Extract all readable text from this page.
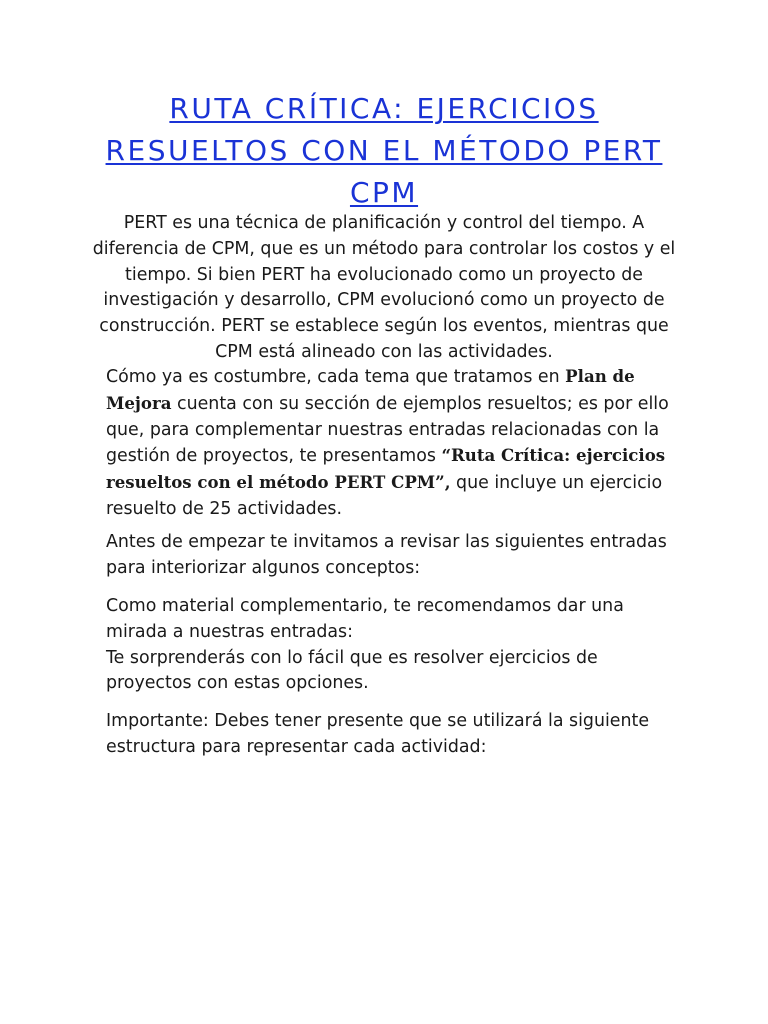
RUTA CRÍTICA: EJERCICIOS RESUELTOS CON EL MÉTODO PERT CPM

PERT es una técnica de planificación y control del tiempo. A diferencia de CPM, que es un método para controlar los costos y el tiempo. Si bien PERT ha evolucionado como un proyecto de investigación y desarrollo, CPM evolucionó como un proyecto de construcción. PERT se establece según los eventos, mientras que CPM está alineado con las actividades.

Cómo ya es costumbre, cada tema que tratamos en Plan de Mejora cuenta con su sección de ejemplos resueltos; es por ello que, para complementar nuestras entradas relacionadas con la gestión de proyectos, te presentamos “Ruta Crítica: ejercicios resueltos con el método PERT CPM”, que incluye un ejercicio resuelto de 25 actividades.

Antes de empezar te invitamos a revisar las siguientes entradas para interiorizar algunos conceptos:

Como material complementario, te recomendamos dar una mirada a nuestras entradas:
Te sorprenderás con lo fácil que es resolver ejercicios de proyectos con estas opciones.

Importante: Debes tener presente que se utilizará la siguiente estructura para representar cada actividad:
